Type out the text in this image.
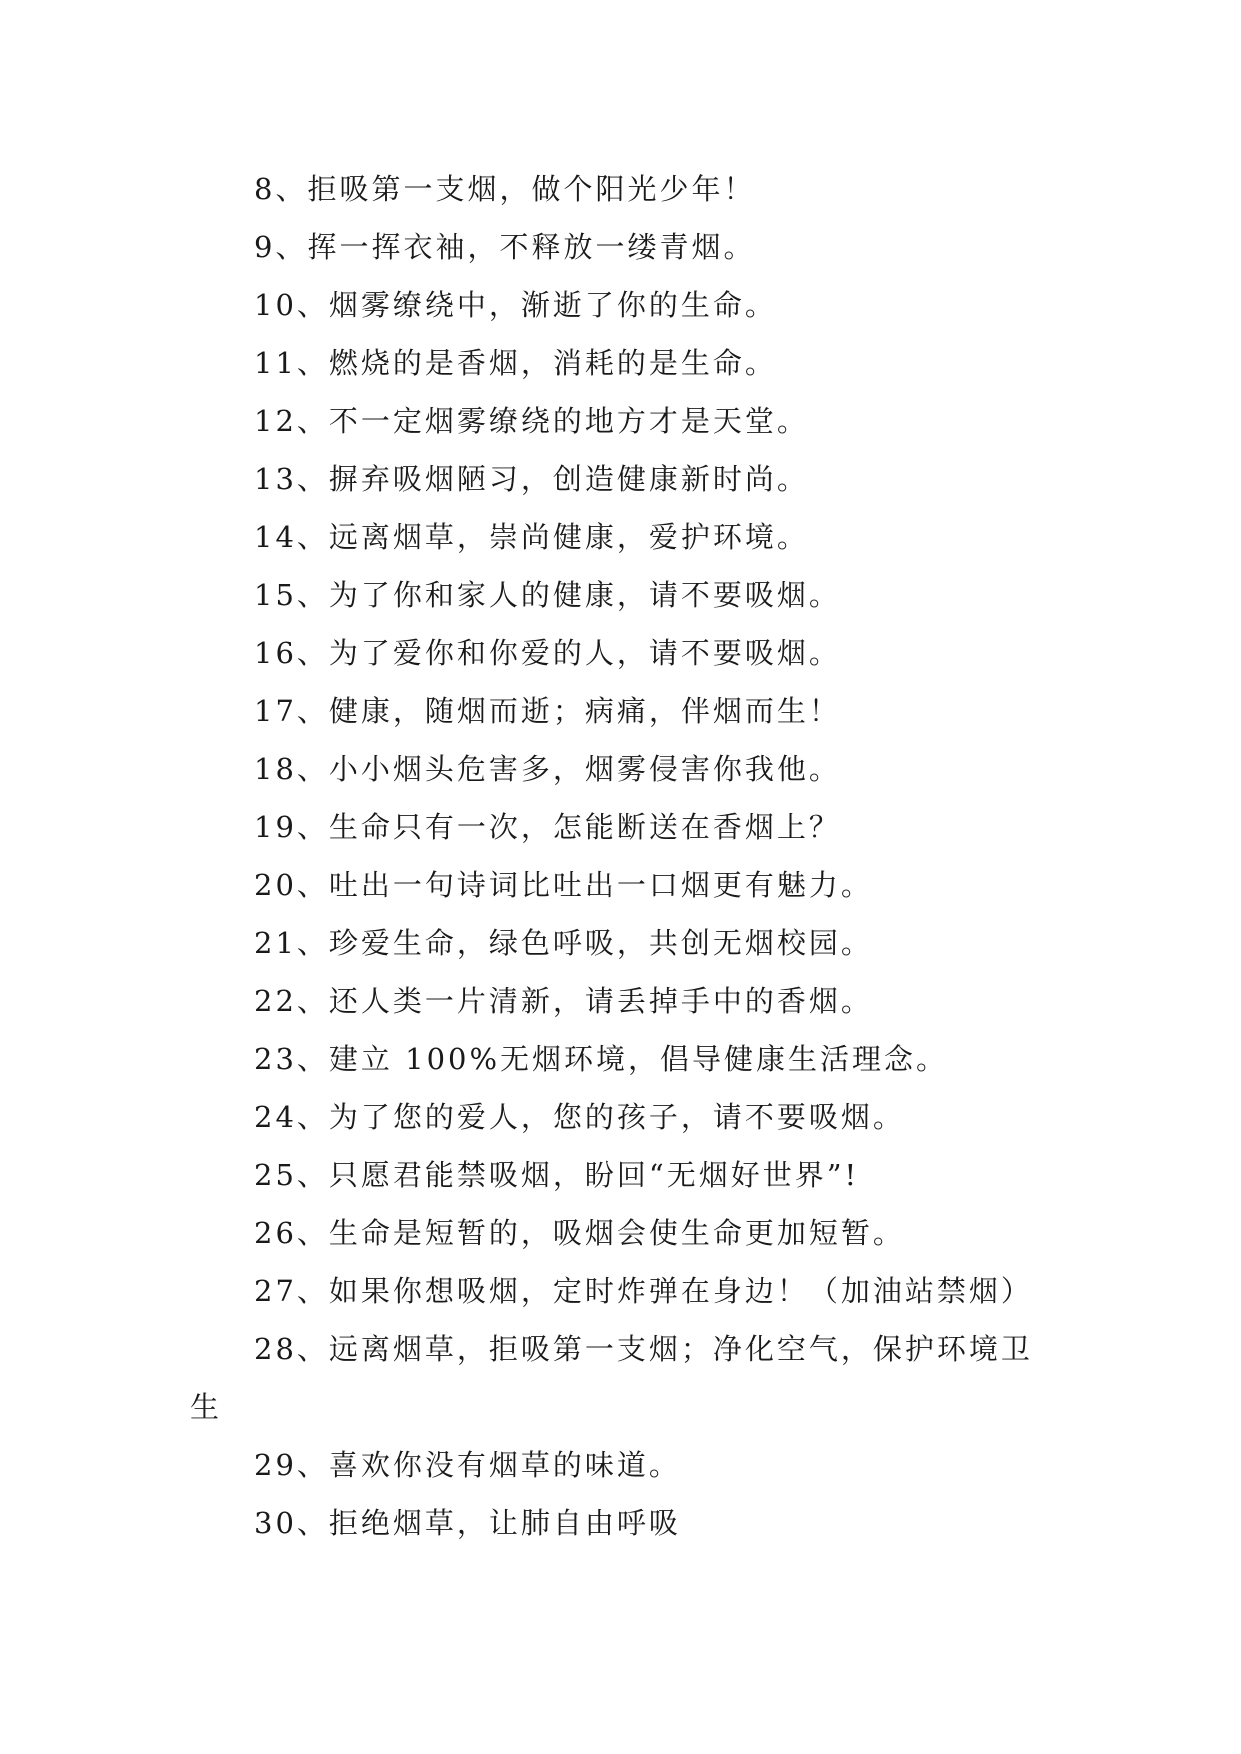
8、拒吸第一支烟，做个阳光少年！
9、挥一挥衣袖，不释放一缕青烟。
10、烟雾缭绕中，渐逝了你的生命。
11、燃烧的是香烟，消耗的是生命。
12、不一定烟雾缭绕的地方才是天堂。
13、摒弃吸烟陋习，创造健康新时尚。
14、远离烟草，崇尚健康，爱护环境。
15、为了你和家人的健康，请不要吸烟。
16、为了爱你和你爱的人，请不要吸烟。
17、健康，随烟而逝；病痛，伴烟而生！
18、小小烟头危害多，烟雾侵害你我他。
19、生命只有一次，怎能断送在香烟上？
20、吐出一句诗词比吐出一口烟更有魅力。
21、珍爱生命，绿色呼吸，共创无烟校园。
22、还人类一片清新，请丢掉手中的香烟。
23、建立 100%无烟环境，倡导健康生活理念。
24、为了您的爱人，您的孩子，请不要吸烟。
25、只愿君能禁吸烟，盼回“无烟好世界”!
26、生命是短暂的，吸烟会使生命更加短暂。
27、如果你想吸烟，定时炸弹在身边！（加油站禁烟）
28、远离烟草，拒吸第一支烟；净化空气，保护环境卫
生
29、喜欢你没有烟草的味道。
30、拒绝烟草，让肺自由呼吸
